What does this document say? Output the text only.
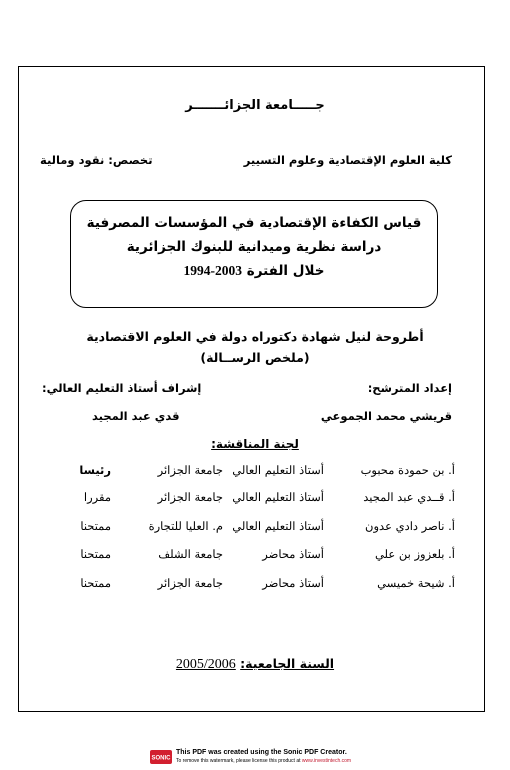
جـــــامعة الجزائـــــــر
كلية العلوم الإقتصادية وعلوم التسيير
تخصص: نقود ومالية
قياس الكفاءة الإقتصادية في المؤسسات المصرفية
دراسة نظرية وميدانية للبنوك الجزائرية
خلال الفترة 1994-2003
أطروحة لنيل شهادة دكتوراه دولة في العلوم الاقتصادية
(ملخص الرســالة)
إعداد المترشح:
إشراف أستاذ التعليم العالي:
قريشي محمد الجموعي
قدي عبد المجيد
لجنة المناقشة:
أ. بن حمودة محبوب
أستاذ التعليم العالي
جامعة الجزائر
رئيسا
أ. قــدي عبد المجيد
أستاذ التعليم العالي
جامعة الجزائر
مقررا
أ. ناصر دادي عدون
أستاذ التعليم العالي
م. العليا للتجارة
ممتحنا
أ. بلعزوز بن علي
أستاذ محاضر
جامعة الشلف
ممتحنا
أ. شيحة خميسي
أستاذ محاضر
جامعة الجزائر
ممتحنا
السنة الجامعية: 2005/2006
SONIC
This PDF was created using the Sonic PDF Creator.
To remove this watermark, please license this product at www.investintech.com
